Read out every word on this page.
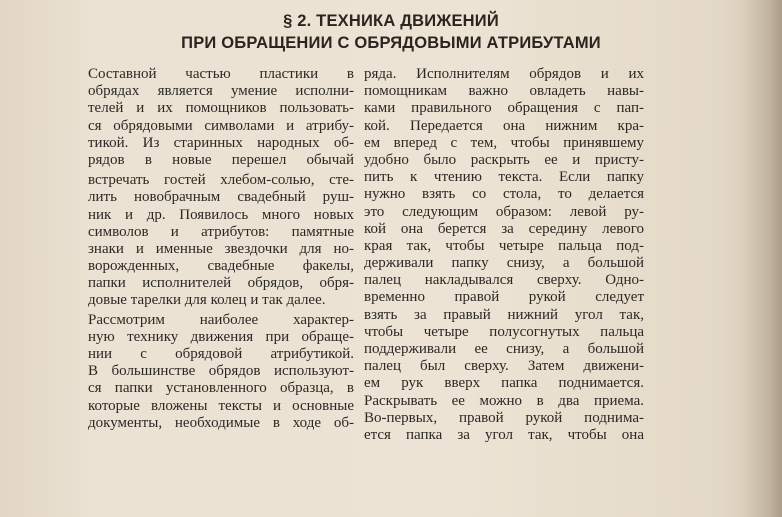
§ 2. ТЕХНИКА ДВИЖЕНИЙ
ПРИ ОБРАЩЕНИИ С ОБРЯДОВЫМИ АТРИБУТАМИ
Составной частью пластики в
обрядах является умение исполни-
телей и их помощников пользовать-
ся обрядовыми символами и атрибу-
тикой. Из старинных народных об-
рядов в новые перешел обычай
встречать гостей хлебом-солью, сте-
лить новобрачным свадебный руш-
ник и др. Появилось много новых
символов и атрибутов: памятные
знаки и именные звездочки для но-
ворожденных, свадебные факелы,
папки исполнителей обрядов, обря-
довые тарелки для колец и так далее.
Рассмотрим наиболее характер-
ную технику движения при обраще-
нии с обрядовой атрибутикой.
В большинстве обрядов используют-
ся папки установленного образца, в
которые вложены тексты и основные
документы, необходимые в ходе об-
ряда. Исполнителям обрядов и их
помощникам важно овладеть навы-
ками правильного обращения с пап-
кой. Передается она нижним кра-
ем вперед с тем, чтобы принявшему
удобно было раскрыть ее и присту-
пить к чтению текста. Если папку
нужно взять со стола, то делается
это следующим образом: левой ру-
кой она берется за середину левого
края так, чтобы четыре пальца под-
держивали папку снизу, а большой
палец накладывался сверху. Одно-
временно правой рукой следует
взять за правый нижний угол так,
чтобы четыре полусогнутых пальца
поддерживали ее снизу, а большой
палец был сверху. Затем движени-
ем рук вверх папка поднимается.
Раскрывать ее можно в два приема.
Во-первых, правой рукой поднима-
ется папка за угол так, чтобы она
